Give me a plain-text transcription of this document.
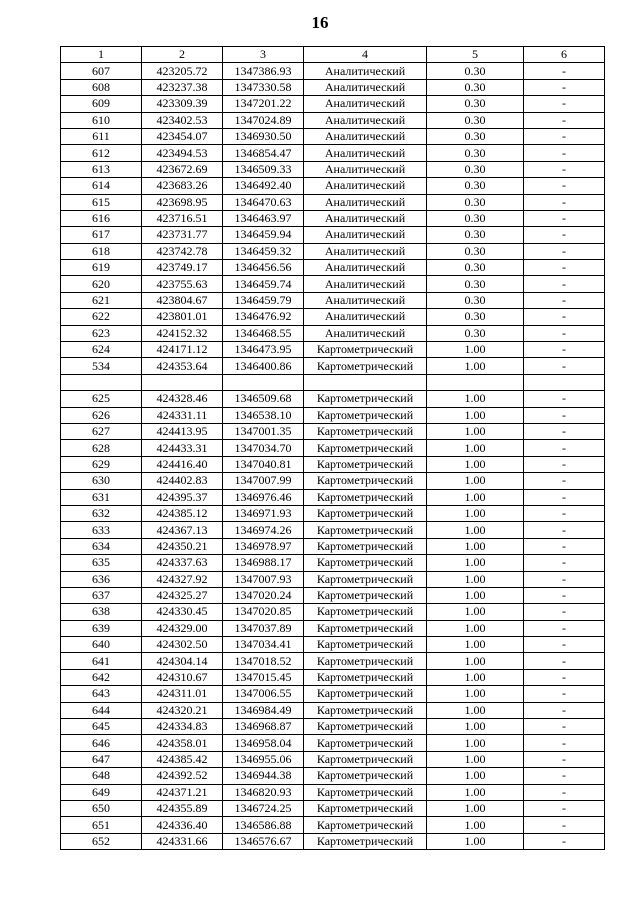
16
1	2	3	4	5	6
607	423205.72	1347386.93	Аналитический	0.30	-
608	423237.38	1347330.58	Аналитический	0.30	-
609	423309.39	1347201.22	Аналитический	0.30	-
610	423402.53	1347024.89	Аналитический	0.30	-
611	423454.07	1346930.50	Аналитический	0.30	-
612	423494.53	1346854.47	Аналитический	0.30	-
613	423672.69	1346509.33	Аналитический	0.30	-
614	423683.26	1346492.40	Аналитический	0.30	-
615	423698.95	1346470.63	Аналитический	0.30	-
616	423716.51	1346463.97	Аналитический	0.30	-
617	423731.77	1346459.94	Аналитический	0.30	-
618	423742.78	1346459.32	Аналитический	0.30	-
619	423749.17	1346456.56	Аналитический	0.30	-
620	423755.63	1346459.74	Аналитический	0.30	-
621	423804.67	1346459.79	Аналитический	0.30	-
622	423801.01	1346476.92	Аналитический	0.30	-
623	424152.32	1346468.55	Аналитический	0.30	-
624	424171.12	1346473.95	Картометрический	1.00	-
534	424353.64	1346400.86	Картометрический	1.00	-

625	424328.46	1346509.68	Картометрический	1.00	-
626	424331.11	1346538.10	Картометрический	1.00	-
627	424413.95	1347001.35	Картометрический	1.00	-
628	424433.31	1347034.70	Картометрический	1.00	-
629	424416.40	1347040.81	Картометрический	1.00	-
630	424402.83	1347007.99	Картометрический	1.00	-
631	424395.37	1346976.46	Картометрический	1.00	-
632	424385.12	1346971.93	Картометрический	1.00	-
633	424367.13	1346974.26	Картометрический	1.00	-
634	424350.21	1346978.97	Картометрический	1.00	-
635	424337.63	1346988.17	Картометрический	1.00	-
636	424327.92	1347007.93	Картометрический	1.00	-
637	424325.27	1347020.24	Картометрический	1.00	-
638	424330.45	1347020.85	Картометрический	1.00	-
639	424329.00	1347037.89	Картометрический	1.00	-
640	424302.50	1347034.41	Картометрический	1.00	-
641	424304.14	1347018.52	Картометрический	1.00	-
642	424310.67	1347015.45	Картометрический	1.00	-
643	424311.01	1347006.55	Картометрический	1.00	-
644	424320.21	1346984.49	Картометрический	1.00	-
645	424334.83	1346968.87	Картометрический	1.00	-
646	424358.01	1346958.04	Картометрический	1.00	-
647	424385.42	1346955.06	Картометрический	1.00	-
648	424392.52	1346944.38	Картометрический	1.00	-
649	424371.21	1346820.93	Картометрический	1.00	-
650	424355.89	1346724.25	Картометрический	1.00	-
651	424336.40	1346586.88	Картометрический	1.00	-
652	424331.66	1346576.67	Картометрический	1.00	-
